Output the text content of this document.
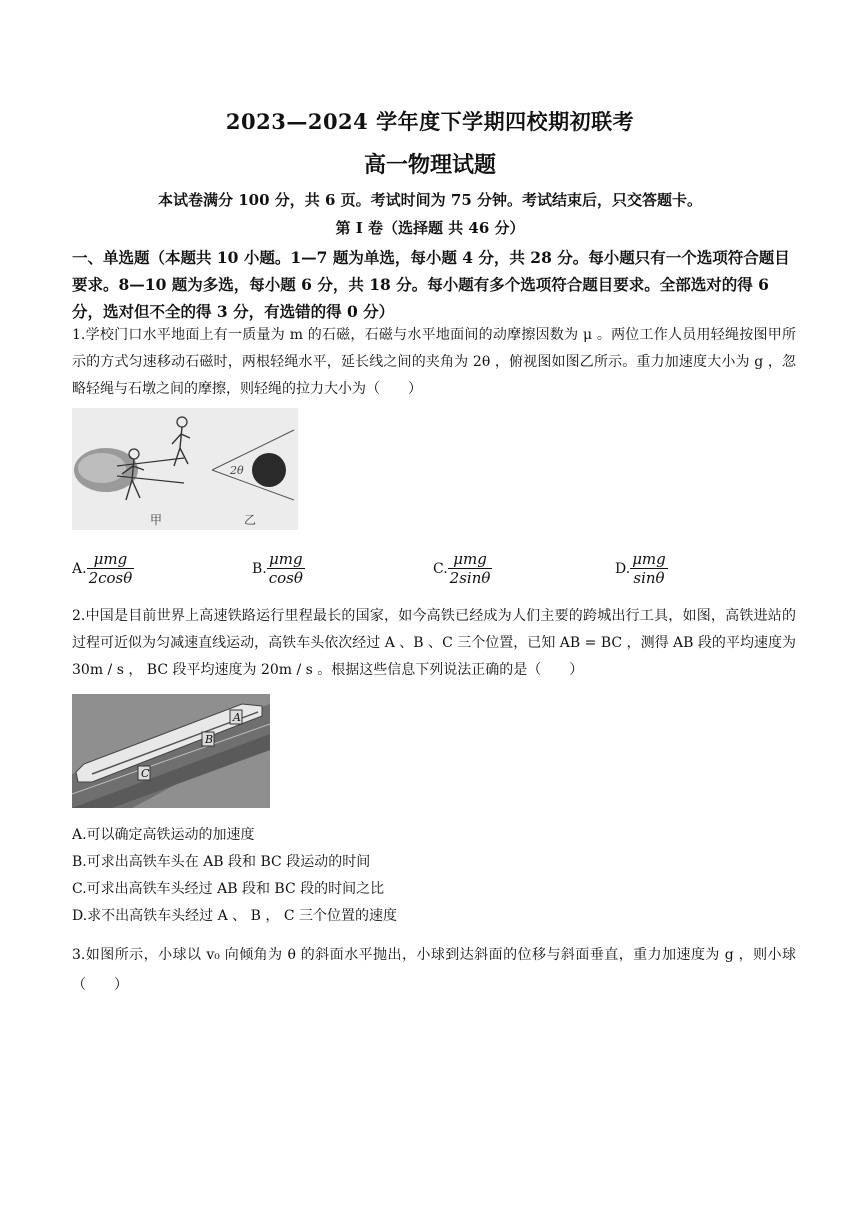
2023—2024 学年度下学期四校期初联考
高一物理试题
本试卷满分 100 分，共 6 页。考试时间为 75 分钟。考试结束后，只交答题卡。
第 I 卷（选择题 共 46 分）
一、单选题（本题共 10 小题。1—7 题为单选，每小题 4 分，共 28 分。每小题只有一个选项符合题目要求。8—10 题为多选，每小题 6 分，共 18 分。每小题有多个选项符合题目要求。全部选对的得 6 分，选对但不全的得 3 分，有选错的得 0 分）
1.学校门口水平地面上有一质量为 m 的石磁，石磁与水平地面间的动摩擦因数为 μ 。两位工作人员用轻绳按图甲所示的方式匀速移动石磁时，两根轻绳水平，延长线之间的夹角为 2θ ，俯视图如图乙所示。重力加速度大小为 g ，忽略轻绳与石墩之间的摩擦，则轻绳的拉力大小为（　　）
2θ
甲	乙
A. $\frac{\text{μmg}}{2\cos\theta}$	B. $\frac{\text{μmg}}{\cos\theta}$	C. $\frac{\text{μmg}}{2\sin\theta}$	D. $\frac{\text{μmg}}{\sin\theta}$
2.中国是目前世界上高速铁路运行里程最长的国家，如今高铁已经成为人们主要的跨城出行工具，如图，高铁进站的过程可近似为匀减速直线运动，高铁车头依次经过 A 、B 、C 三个位置，已知 AB = BC ，测得 AB 段的平均速度为 30m / s ， BC 段平均速度为 20m / s 。根据这些信息下列说法正确的是（　　）
A
B
C
A.可以确定高铁运动的加速度
B.可求出高铁车头在 AB 段和 BC 段运动的时间
C.可求出高铁车头经过 AB 段和 BC 段的时间之比
D.求不出高铁车头经过 A 、 B ， C 三个位置的速度
3.如图所示，小球以 v₀ 向倾角为 θ 的斜面水平抛出，小球到达斜面的位移与斜面垂直，重力加速度为 g ，则小球（　　）
